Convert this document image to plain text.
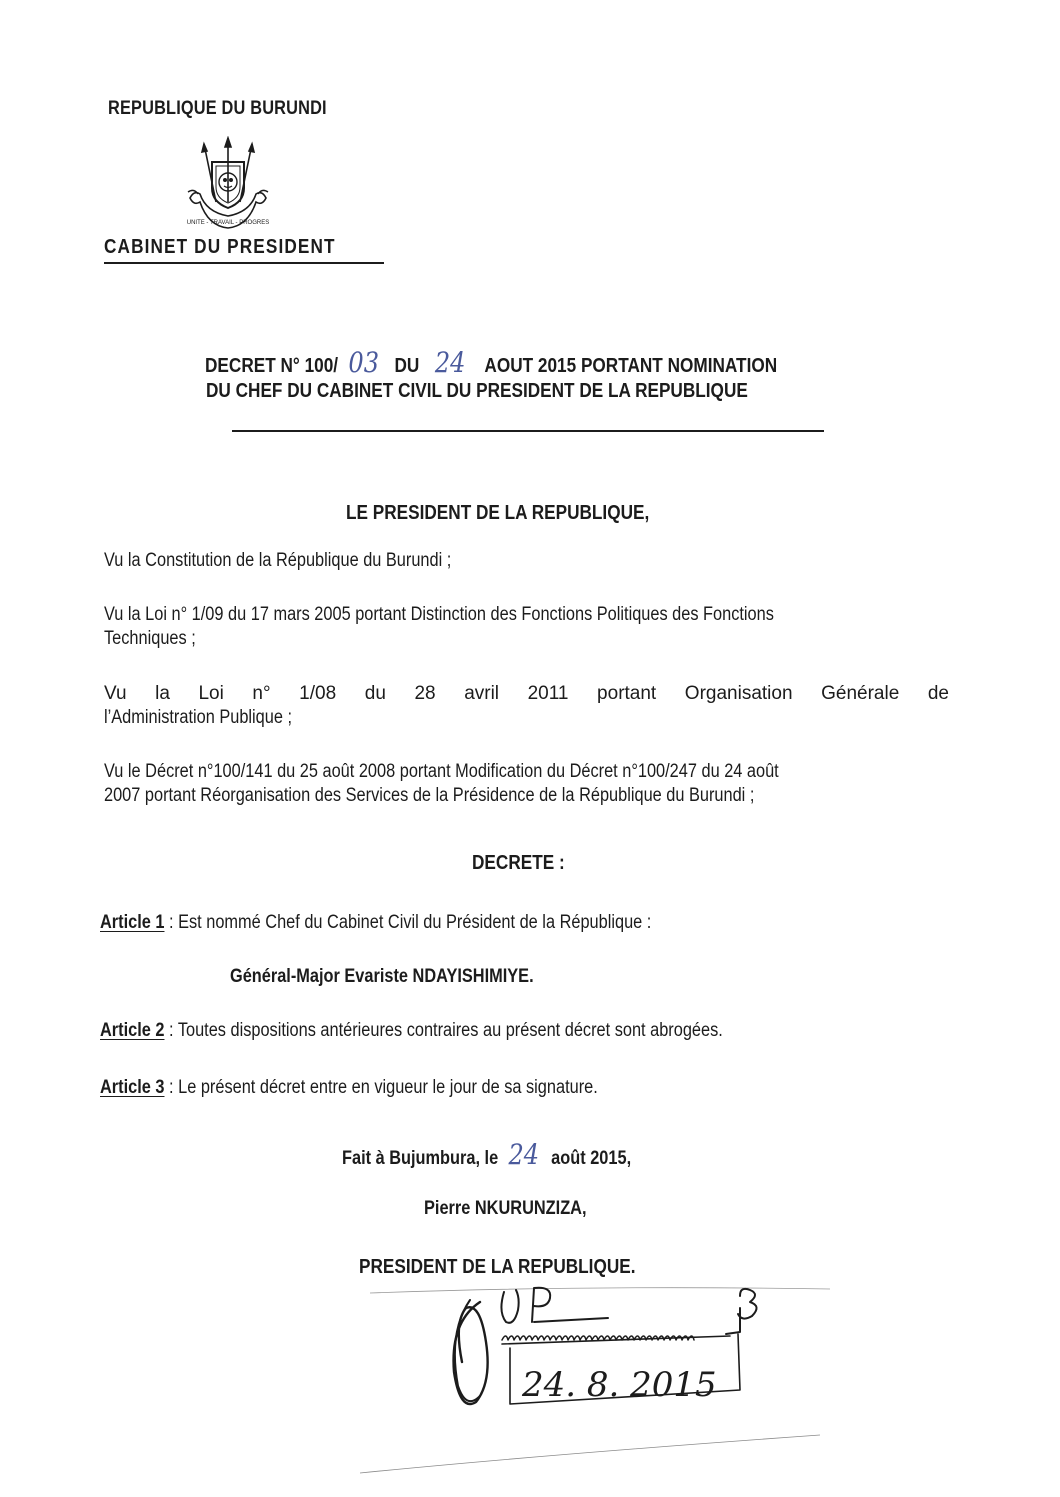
REPUBLIQUE DU BURUNDI
UNITE - TRAVAIL - PROGRES
CABINET DU PRESIDENT
DECRET N° 100/ 03 DU 24 AOUT 2015 PORTANT NOMINATION
DU CHEF DU CABINET CIVIL DU PRESIDENT DE LA REPUBLIQUE
LE PRESIDENT DE LA REPUBLIQUE,
Vu la Constitution de la République du Burundi ;
Vu la Loi n° 1/09 du 17 mars 2005 portant Distinction des Fonctions Politiques des Fonctions
Techniques ;
Vu la Loi n° 1/08 du 28 avril 2011 portant Organisation Générale de
l’Administration Publique ;
Vu le Décret n°100/141 du 25 août 2008 portant Modification du Décret n°100/247 du 24 août
2007 portant Réorganisation des Services de la Présidence de la République du Burundi ;
DECRETE :
Article 1 : Est nommé Chef du Cabinet Civil du Président de la République :
Général-Major Evariste NDAYISHIMIYE.
Article 2 : Toutes dispositions antérieures contraires au présent décret sont abrogées.
Article 3 : Le présent décret entre en vigueur le jour de sa signature.
Fait à Bujumbura, le 24 août 2015,
Pierre NKURUNZIZA,
PRESIDENT DE LA REPUBLIQUE.
24. 8. 2015
